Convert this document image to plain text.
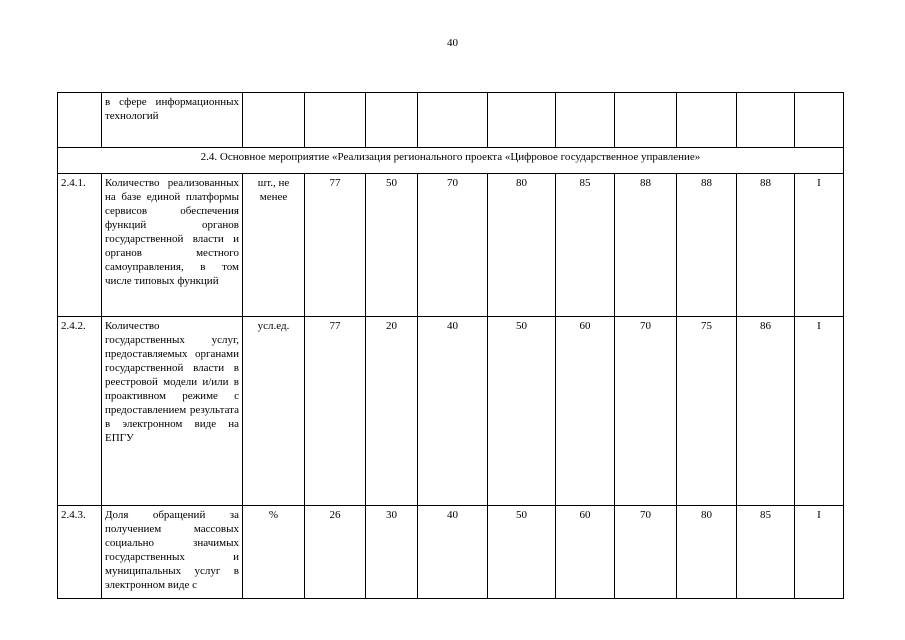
40
	в сфере информационных технологий										
2.4. Основное мероприятие «Реализация регионального проекта «Цифровое государственное управление»											
2.4.1.	Количество реализованных на базе единой платформы сервисов обеспечения функций органов государственной власти и органов местного самоуправления, в том числе типовых функций	шт., не менее	77	50	70	80	85	88	88	88	I
2.4.2.	Количество государственных услуг, предоставляемых органами государственной власти в реестровой модели и/или в проактивном режиме с предоставлением результата в электронном виде на ЕПГУ	усл.ед.	77	20	40	50	60	70	75	86	I
2.4.3.	Доля обращений за получением массовых социально значимых государственных и муниципальных услуг в электронном виде с	%	26	30	40	50	60	70	80	85	I
